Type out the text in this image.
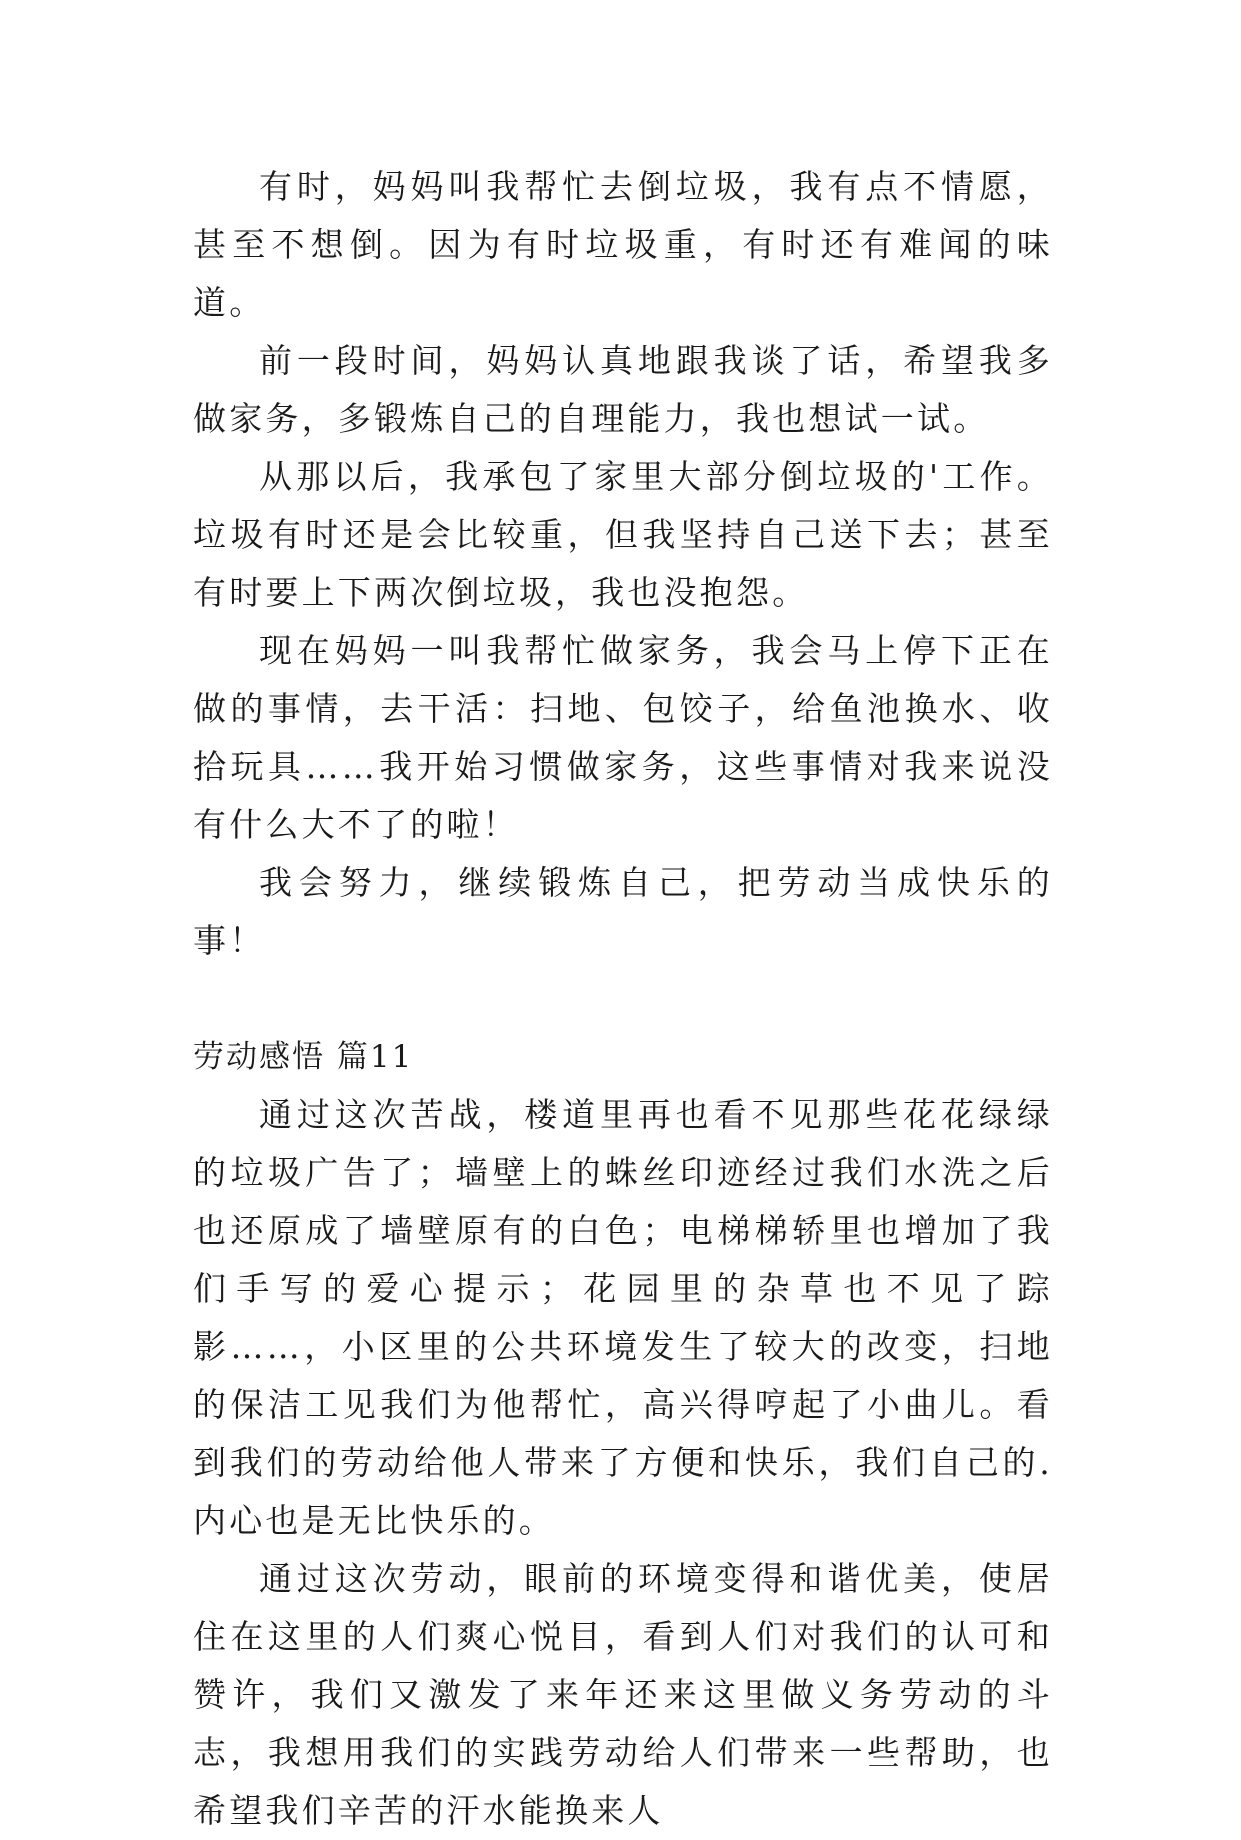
有时，妈妈叫我帮忙去倒垃圾，我有点不情愿，甚至不想倒。因为有时垃圾重，有时还有难闻的味道。

前一段时间，妈妈认真地跟我谈了话，希望我多做家务，多锻炼自己的自理能力，我也想试一试。

从那以后，我承包了家里大部分倒垃圾的'工作。垃圾有时还是会比较重，但我坚持自己送下去；甚至有时要上下两次倒垃圾，我也没抱怨。

现在妈妈一叫我帮忙做家务，我会马上停下正在做的事情，去干活：扫地、包饺子，给鱼池换水、收拾玩具……我开始习惯做家务，这些事情对我来说没有什么大不了的啦！

我会努力，继续锻炼自己，把劳动当成快乐的事！

劳动感悟 篇11

通过这次苦战，楼道里再也看不见那些花花绿绿的垃圾广告了；墙壁上的蛛丝印迹经过我们水洗之后也还原成了墙壁原有的白色；电梯梯轿里也增加了我们手写的爱心提示；花园里的杂草也不见了踪影……，小区里的公共环境发生了较大的改变，扫地的保洁工见我们为他帮忙，高兴得哼起了小曲儿。看到我们的劳动给他人带来了方便和快乐，我们自己的.内心也是无比快乐的。

通过这次劳动，眼前的环境变得和谐优美，使居住在这里的人们爽心悦目，看到人们对我们的认可和赞许，我们又激发了来年还来这里做义务劳动的斗志，我想用我们的实践劳动给人们带来一些帮助，也希望我们辛苦的汗水能换来人
